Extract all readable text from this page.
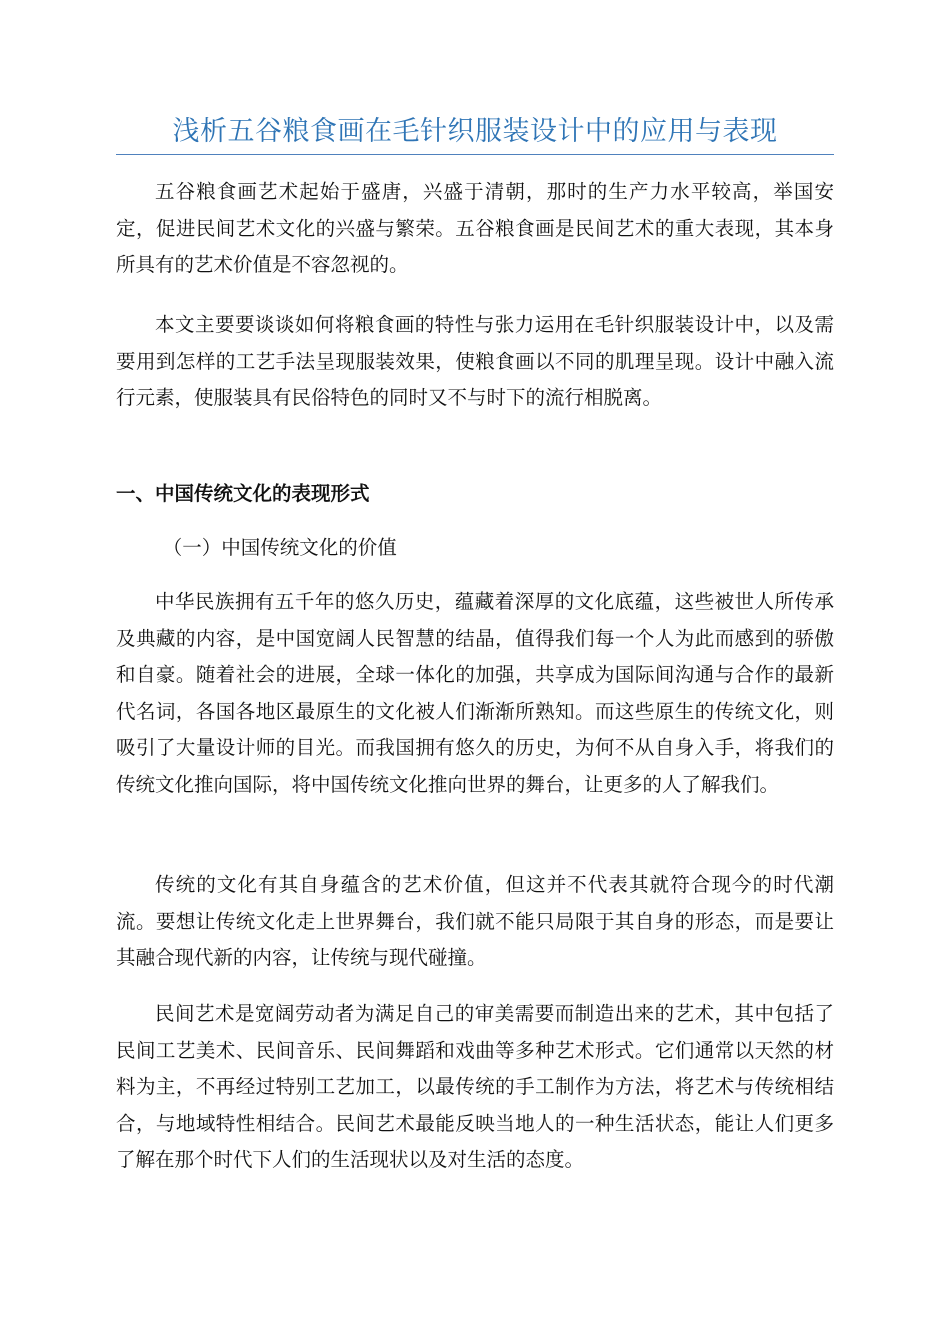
浅析五谷粮食画在毛针织服装设计中的应用与表现

五谷粮食画艺术起始于盛唐，兴盛于清朝，那时的生产力水平较高，举国安定，促进民间艺术文化的兴盛与繁荣。五谷粮食画是民间艺术的重大表现，其本身所具有的艺术价值是不容忽视的。

本文主要要谈谈如何将粮食画的特性与张力运用在毛针织服装设计中，以及需要用到怎样的工艺手法呈现服装效果，使粮食画以不同的肌理呈现。设计中融入流行元素，使服装具有民俗特色的同时又不与时下的流行相脱离。

一、中国传统文化的表现形式
（一）中国传统文化的价值

中华民族拥有五千年的悠久历史，蕴藏着深厚的文化底蕴，这些被世人所传承及典藏的内容，是中国宽阔人民智慧的结晶，值得我们每一个人为此而感到的骄傲和自豪。随着社会的进展，全球一体化的加强，共享成为国际间沟通与合作的最新代名词，各国各地区最原生的文化被人们渐渐所熟知。而这些原生的传统文化，则吸引了大量设计师的目光。而我国拥有悠久的历史，为何不从自身入手，将我们的传统文化推向国际，将中国传统文化推向世界的舞台，让更多的人了解我们。

传统的文化有其自身蕴含的艺术价值，但这并不代表其就符合现今的时代潮流。要想让传统文化走上世界舞台，我们就不能只局限于其自身的形态，而是要让其融合现代新的内容，让传统与现代碰撞。

民间艺术是宽阔劳动者为满足自己的审美需要而制造出来的艺术，其中包括了民间工艺美术、民间音乐、民间舞蹈和戏曲等多种艺术形式。它们通常以天然的材料为主，不再经过特别工艺加工，以最传统的手工制作为方法，将艺术与传统相结合，与地域特性相结合。民间艺术最能反映当地人的一种生活状态，能让人们更多了解在那个时代下人们的生活现状以及对生活的态度。
